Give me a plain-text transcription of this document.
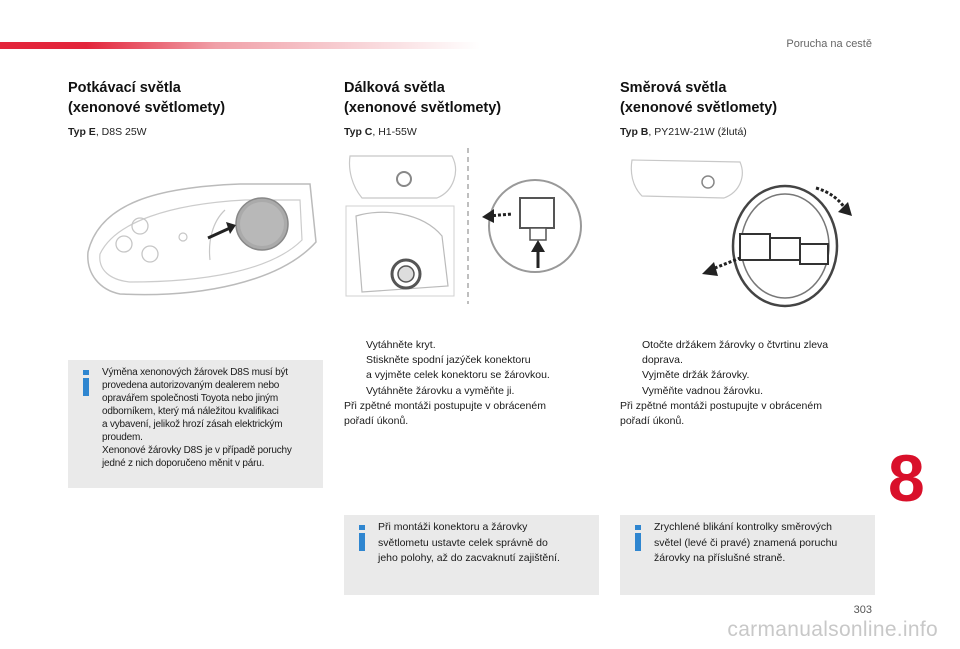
Porucha na cestě
Potkávací světla
(xenonové světlomety)
Typ E, D8S 25W
Dálková světla
(xenonové světlomety)
Typ C, H1-55W
Směrová světla
(xenonové světlomety)
Typ B, PY21W-21W (žlutá)
Vytáhněte kryt.
Stiskněte spodní jazýček konektoru
a vyjměte celek konektoru se žárovkou.
Vytáhněte žárovku a vyměňte ji.
Při zpětné montáži postupujte v obráceném
pořadí úkonů.
Otočte držákem žárovky o čtvrtinu zleva
doprava.
Vyjměte držák žárovky.
Vyměňte vadnou žárovku.
Při zpětné montáži postupujte v obráceném
pořadí úkonů.
Výměna xenonových žárovek D8S musí být
provedena autorizovaným dealerem nebo
opravářem společnosti Toyota nebo jiným
odborníkem, který má náležitou kvalifikaci
a vybavení, jelikož hrozí zásah elektrickým
proudem.
Xenonové žárovky D8S je v případě poruchy
jedné z nich doporučeno měnit v páru.
Při montáži konektoru a žárovky
světlometu ustavte celek správně do
jeho polohy, až do zacvaknutí zajištění.
Zrychlené blikání kontrolky směrových
světel (levé či pravé) znamená poruchu
žárovky na příslušné straně.
8
303
carmanualsonline.info
